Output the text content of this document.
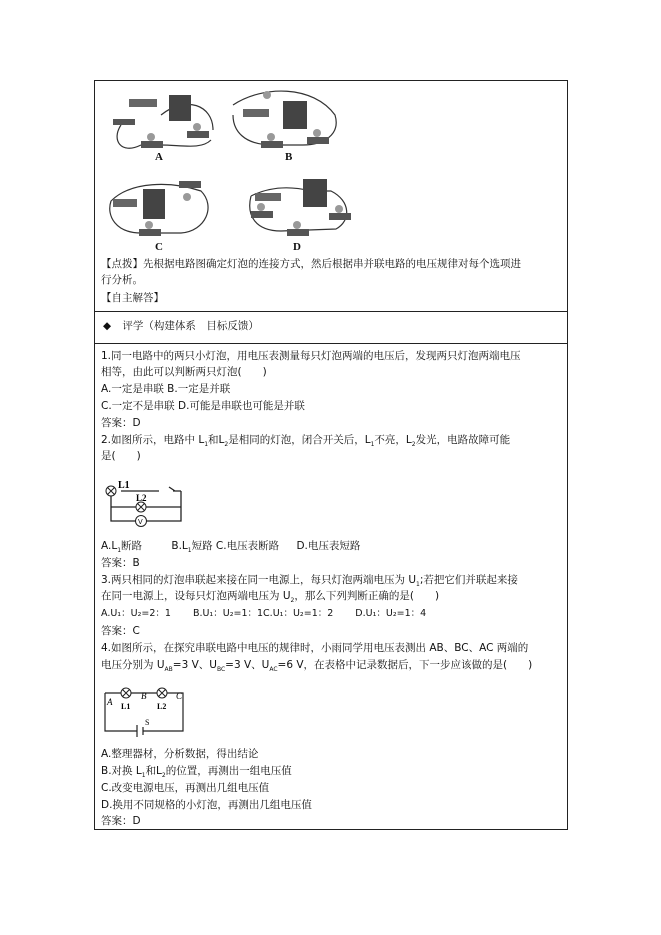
A	B
C	D
【点拨】先根据电路图确定灯泡的连接方式，然后根据串并联电路的电压规律对每个选项进
行分析。
【自主解答】
◆ 评学（构建体系　目标反馈）
1.同一电路中的两只小灯泡，用电压表测量每只灯泡两端的电压后，发现两只灯泡两端电压
相等，由此可以判断两只灯泡(　　)
A.一定是串联 B.一定是并联
C.一定不是串联 D.可能是串联也可能是并联
答案：D
2.如图所示，电路中 $L_1$和$L_2$是相同的灯泡，闭合开关后，$L_1$不亮，$L_2$发光，电路故障可能
是(　　)
L1
L2
V
$A.L_1$断路	$B.L_1$短路 C.电压表断路 D.电压表短路
答案：B
3.两只相同的灯泡串联起来接在同一电源上，每只灯泡两端电压为 $U_1$;若把它们并联起来接
在同一电源上，设每只灯泡两端电压为 $U_2$，那么下列判断正确的是(　　)
A.U₁：U₂=2：1　　 B.U₁：U₂=1：1C.U₁：U₂=1：2　　 D.U₁：U₂=1：4
答案：C
4.如图所示，在探究串联电路中电压的规律时，小雨同学用电压表测出 AB、BC、AC 两端的
电压分别为 $U_{AB}=3$ V、$U_{BC}=3$ V、$U_{AC}=6$ V，在表格中记录数据后，下一步应该做的是(　　)
A
B	C
L1	L2
S
A.整理器材，分析数据，得出结论
B.对换 $L_1$和$L_2$的位置，再测出一组电压值
C.改变电源电压，再测出几组电压值
D.换用不同规格的小灯泡，再测出几组电压值
答案：D
